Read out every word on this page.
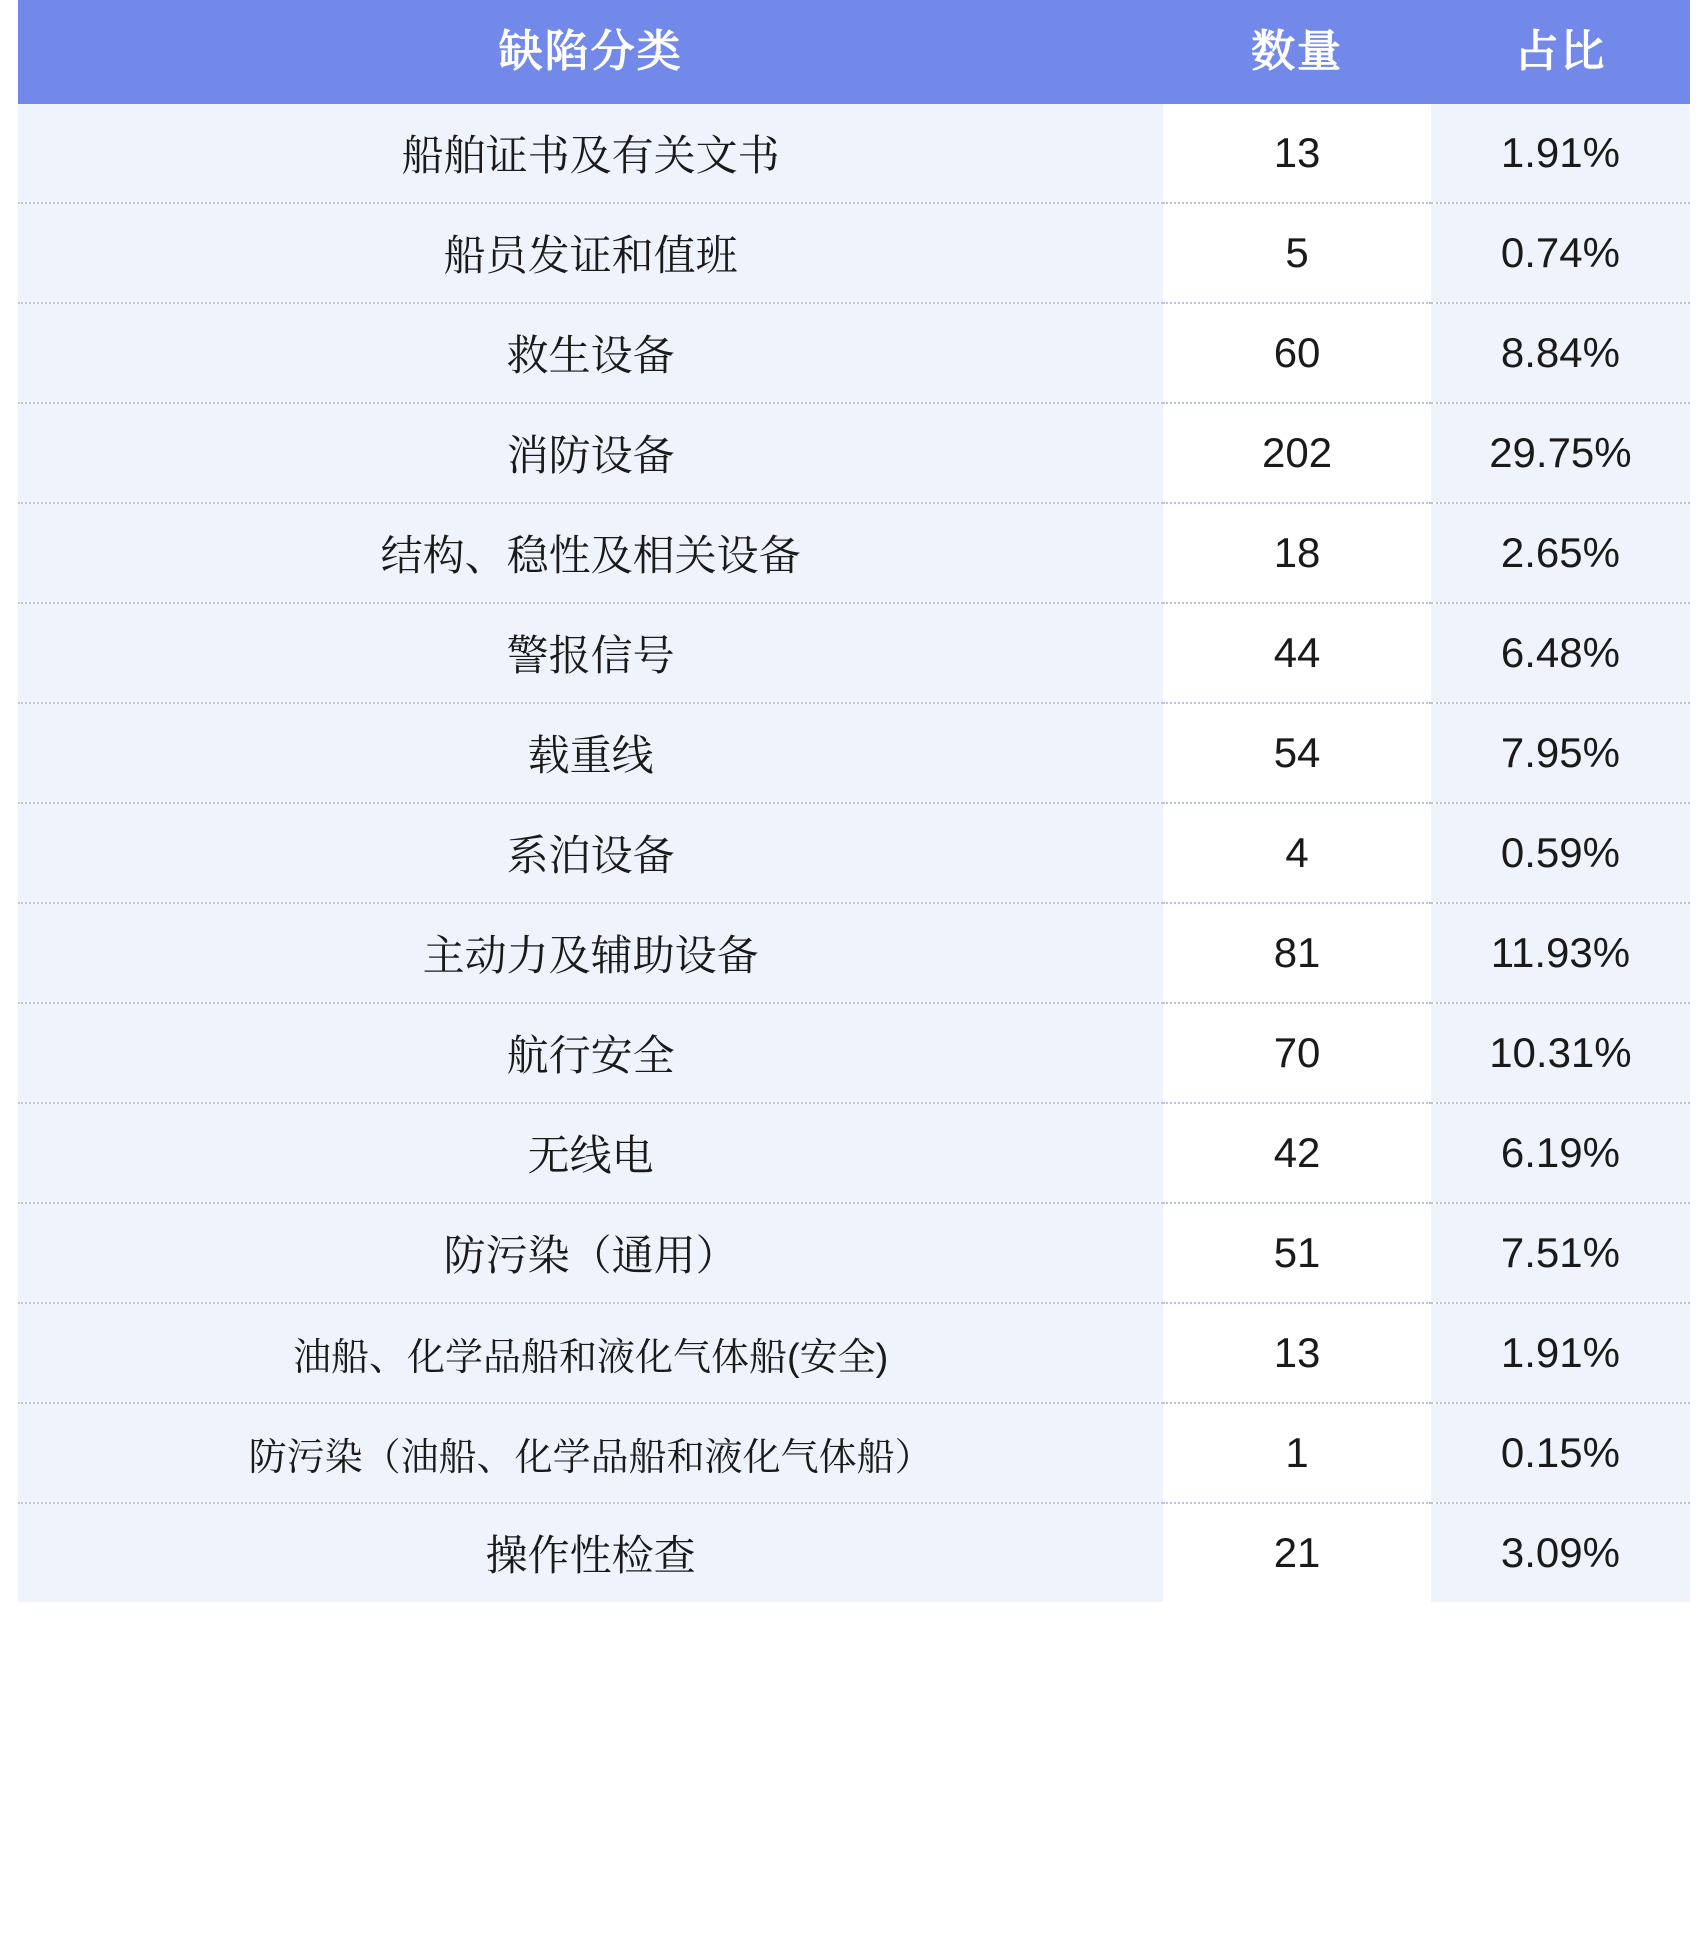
缺陷分类	数量	占比
船舶证书及有关文书	13	1.91%
船员发证和值班	5	0.74%
救生设备	60	8.84%
消防设备	202	29.75%
结构、稳性及相关设备	18	2.65%
警报信号	44	6.48%
载重线	54	7.95%
系泊设备	4	0.59%
主动力及辅助设备	81	11.93%
航行安全	70	10.31%
无线电	42	6.19%
防污染（通用）	51	7.51%
油船、化学品船和液化气体船(安全)	13	1.91%
防污染（油船、化学品船和液化气体船）	1	0.15%
操作性检查	21	3.09%
